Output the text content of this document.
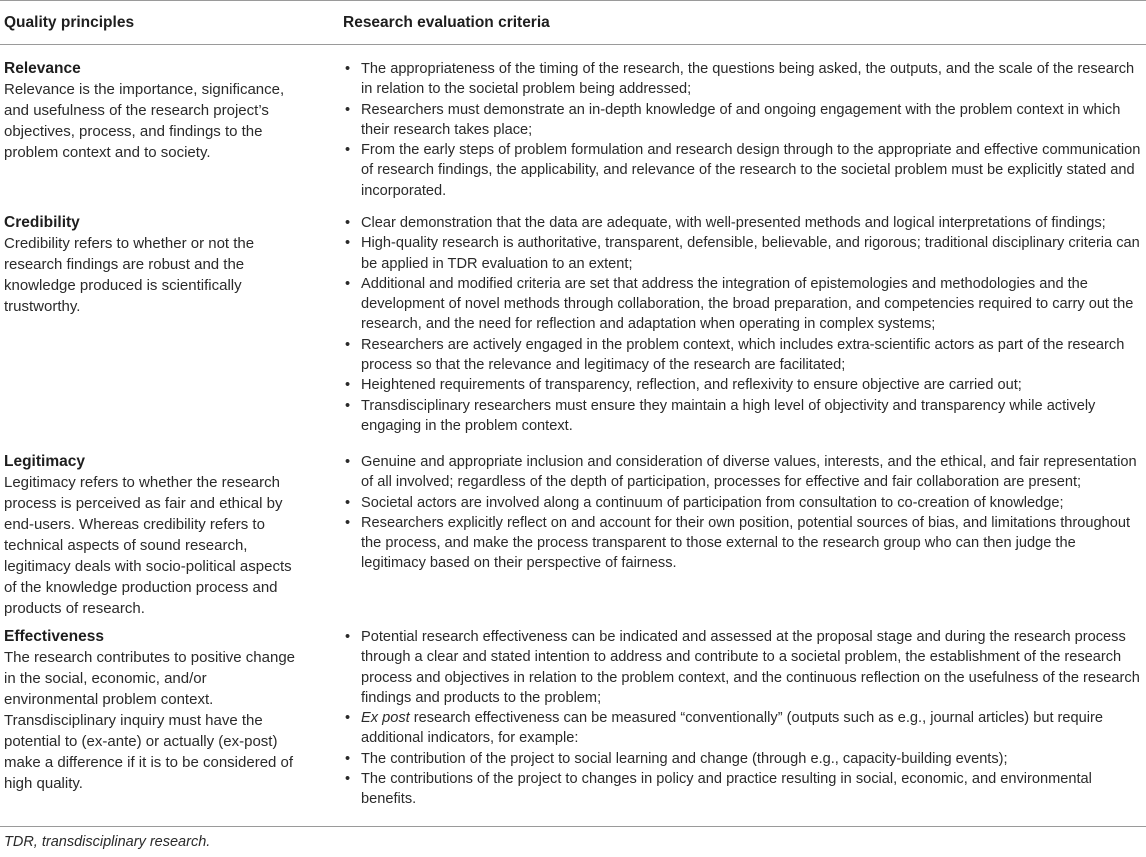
Quality principles	Research evaluation criteria
Relevance
Relevance is the importance, significance, and usefulness of the research project’s objectives, process, and findings to the problem context and to society.
• The appropriateness of the timing of the research, the questions being asked, the outputs, and the scale of the research in relation to the societal problem being addressed;
• Researchers must demonstrate an in-depth knowledge of and ongoing engagement with the problem context in which their research takes place;
• From the early steps of problem formulation and research design through to the appropriate and effective communication of research findings, the applicability, and relevance of the research to the societal problem must be explicitly stated and incorporated.
Credibility
Credibility refers to whether or not the research findings are robust and the knowledge produced is scientifically trustworthy.
• Clear demonstration that the data are adequate, with well-presented methods and logical interpretations of findings;
• High-quality research is authoritative, transparent, defensible, believable, and rigorous; traditional disciplinary criteria can be applied in TDR evaluation to an extent;
• Additional and modified criteria are set that address the integration of epistemologies and methodologies and the development of novel methods through collaboration, the broad preparation, and competencies required to carry out the research, and the need for reflection and adaptation when operating in complex systems;
• Researchers are actively engaged in the problem context, which includes extra-scientific actors as part of the research process so that the relevance and legitimacy of the research are facilitated;
• Heightened requirements of transparency, reflection, and reflexivity to ensure objective are carried out;
• Transdisciplinary researchers must ensure they maintain a high level of objectivity and transparency while actively engaging in the problem context.
Legitimacy
Legitimacy refers to whether the research process is perceived as fair and ethical by end-users. Whereas credibility refers to technical aspects of sound research, legitimacy deals with socio-political aspects of the knowledge production process and products of research.
• Genuine and appropriate inclusion and consideration of diverse values, interests, and the ethical, and fair representation of all involved; regardless of the depth of participation, processes for effective and fair collaboration are present;
• Societal actors are involved along a continuum of participation from consultation to co-creation of knowledge;
• Researchers explicitly reflect on and account for their own position, potential sources of bias, and limitations throughout the process, and make the process transparent to those external to the research group who can then judge the legitimacy based on their perspective of fairness.
Effectiveness
The research contributes to positive change in the social, economic, and/or environmental problem context. Transdisciplinary inquiry must have the potential to (ex-ante) or actually (ex-post) make a difference if it is to be considered of high quality.
• Potential research effectiveness can be indicated and assessed at the proposal stage and during the research process through a clear and stated intention to address and contribute to a societal problem, the establishment of the research process and objectives in relation to the problem context, and the continuous reflection on the usefulness of the research findings and products to the problem;
• Ex post research effectiveness can be measured “conventionally” (outputs such as e.g., journal articles) but require additional indicators, for example:
• The contribution of the project to social learning and change (through e.g., capacity-building events);
• The contributions of the project to changes in policy and practice resulting in social, economic, and environmental benefits.
TDR, transdisciplinary research.
